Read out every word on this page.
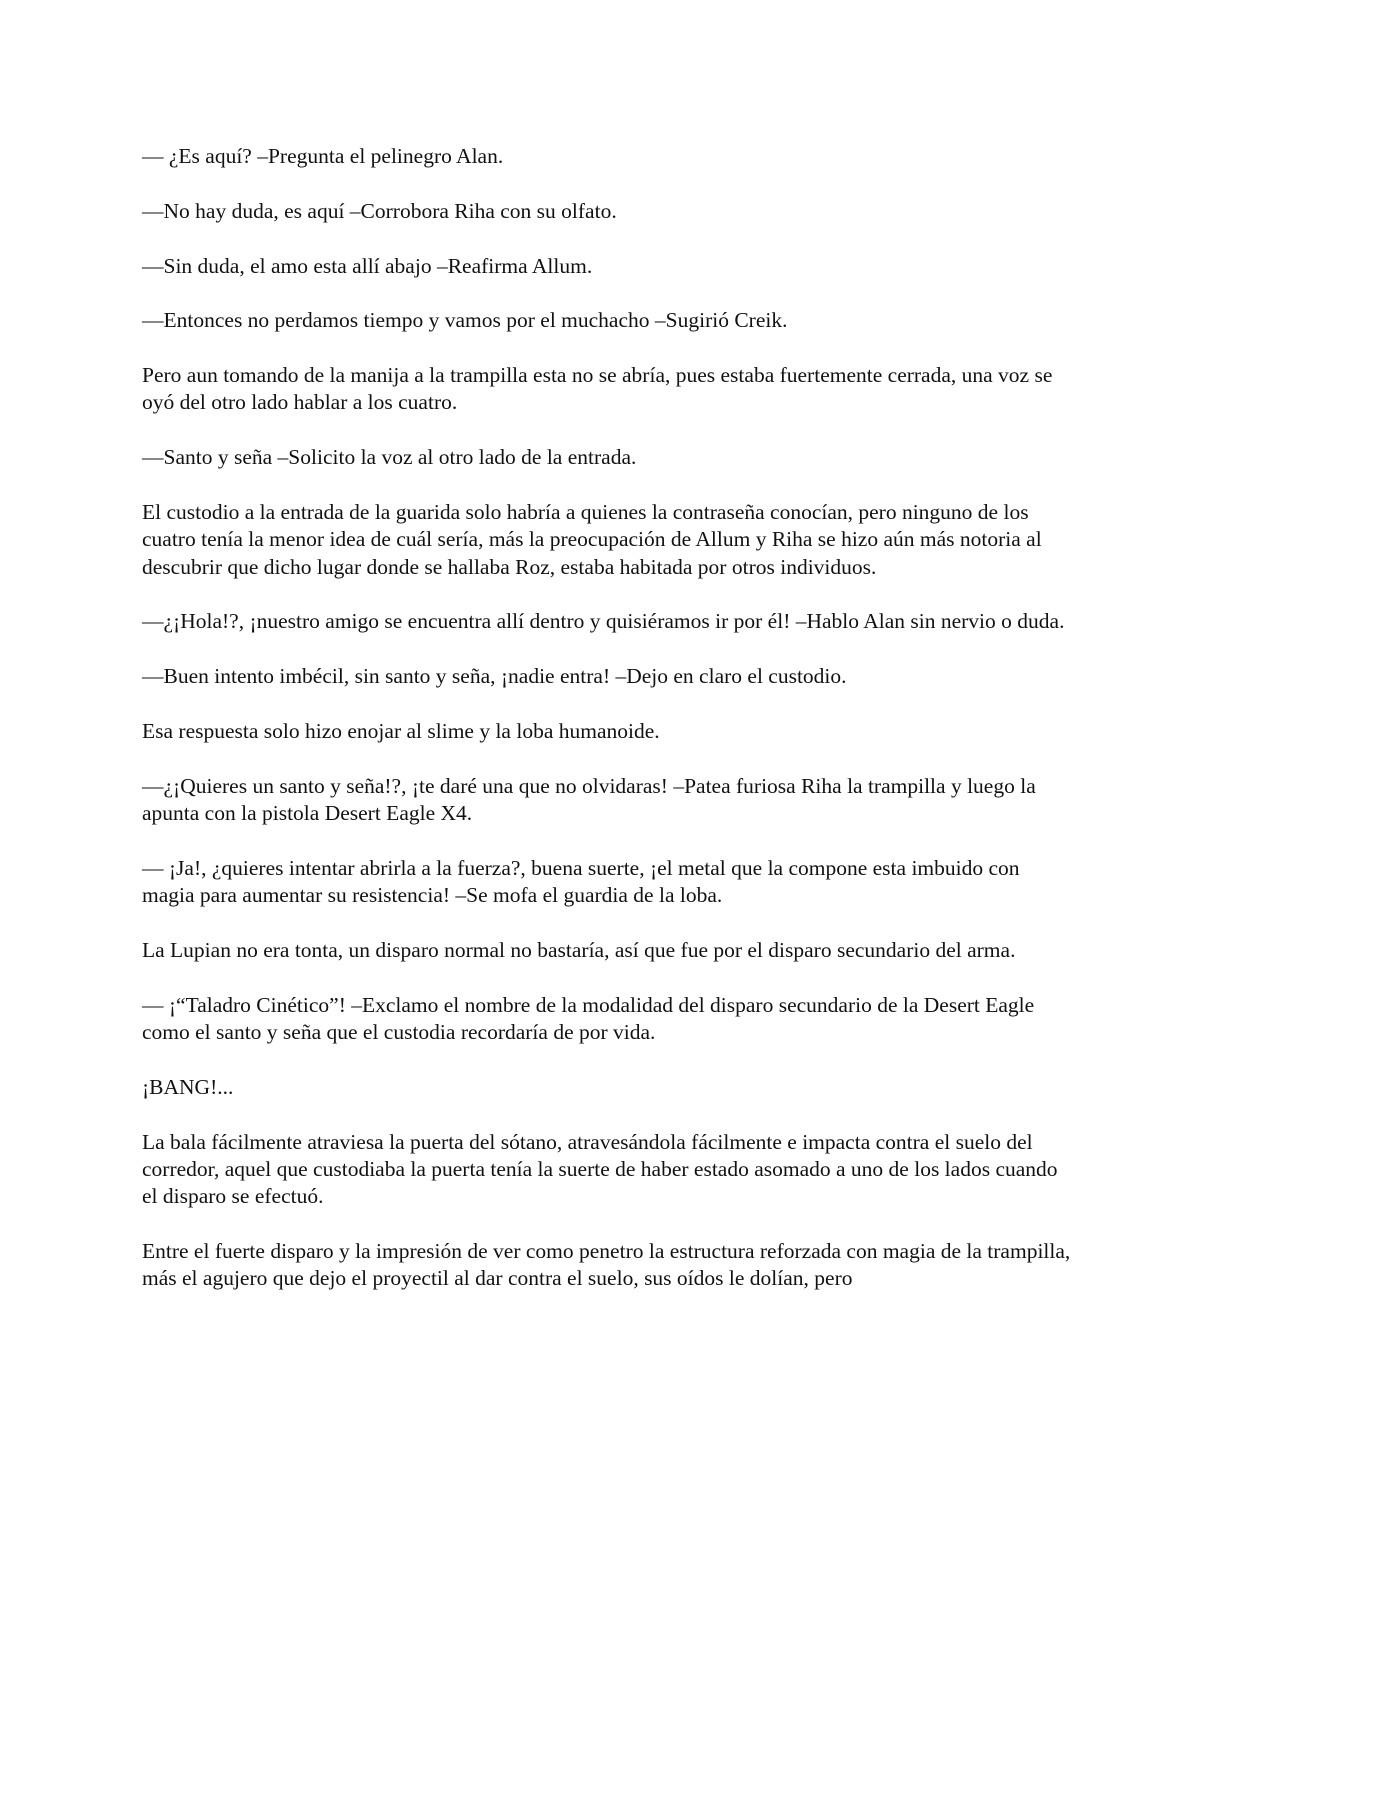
— ¿Es aquí? –Pregunta el pelinegro Alan.

—No hay duda, es aquí –Corrobora Riha con su olfato.

—Sin duda, el amo esta allí abajo –Reafirma Allum.

—Entonces no perdamos tiempo y vamos por el muchacho –Sugirió Creik.

Pero aun tomando de la manija a la trampilla esta no se abría, pues estaba fuertemente cerrada, una voz se oyó del otro lado hablar a los cuatro.

—Santo y seña –Solicito la voz al otro lado de la entrada.

El custodio a la entrada de la guarida solo habría a quienes la contraseña conocían, pero ninguno de los cuatro tenía la menor idea de cuál sería, más la preocupación de Allum y Riha se hizo aún más notoria al descubrir que dicho lugar donde se hallaba Roz, estaba habitada por otros individuos.

—¿¡Hola!?, ¡nuestro amigo se encuentra allí dentro y quisiéramos ir por él! –Hablo Alan sin nervio o duda.

—Buen intento imbécil, sin santo y seña, ¡nadie entra! –Dejo en claro el custodio.

Esa respuesta solo hizo enojar al slime y la loba humanoide.

—¿¡Quieres un santo y seña!?, ¡te daré una que no olvidaras! –Patea furiosa Riha la trampilla y luego la apunta con la pistola Desert Eagle X4.

— ¡Ja!, ¿quieres intentar abrirla a la fuerza?, buena suerte, ¡el metal que la compone esta imbuido con magia para aumentar su resistencia! –Se mofa el guardia de la loba.

La Lupian no era tonta, un disparo normal no bastaría, así que fue por el disparo secundario del arma.

— ¡“Taladro Cinético”! –Exclamo el nombre de la modalidad del disparo secundario de la Desert Eagle como el santo y seña que el custodia recordaría de por vida.

¡BANG!...

La bala fácilmente atraviesa la puerta del sótano, atravesándola fácilmente e impacta contra el suelo del corredor, aquel que custodiaba la puerta tenía la suerte de haber estado asomado a uno de los lados cuando el disparo se efectuó.

Entre el fuerte disparo y la impresión de ver como penetro la estructura reforzada con magia de la trampilla, más el agujero que dejo el proyectil al dar contra el suelo, sus oídos le dolían, pero
